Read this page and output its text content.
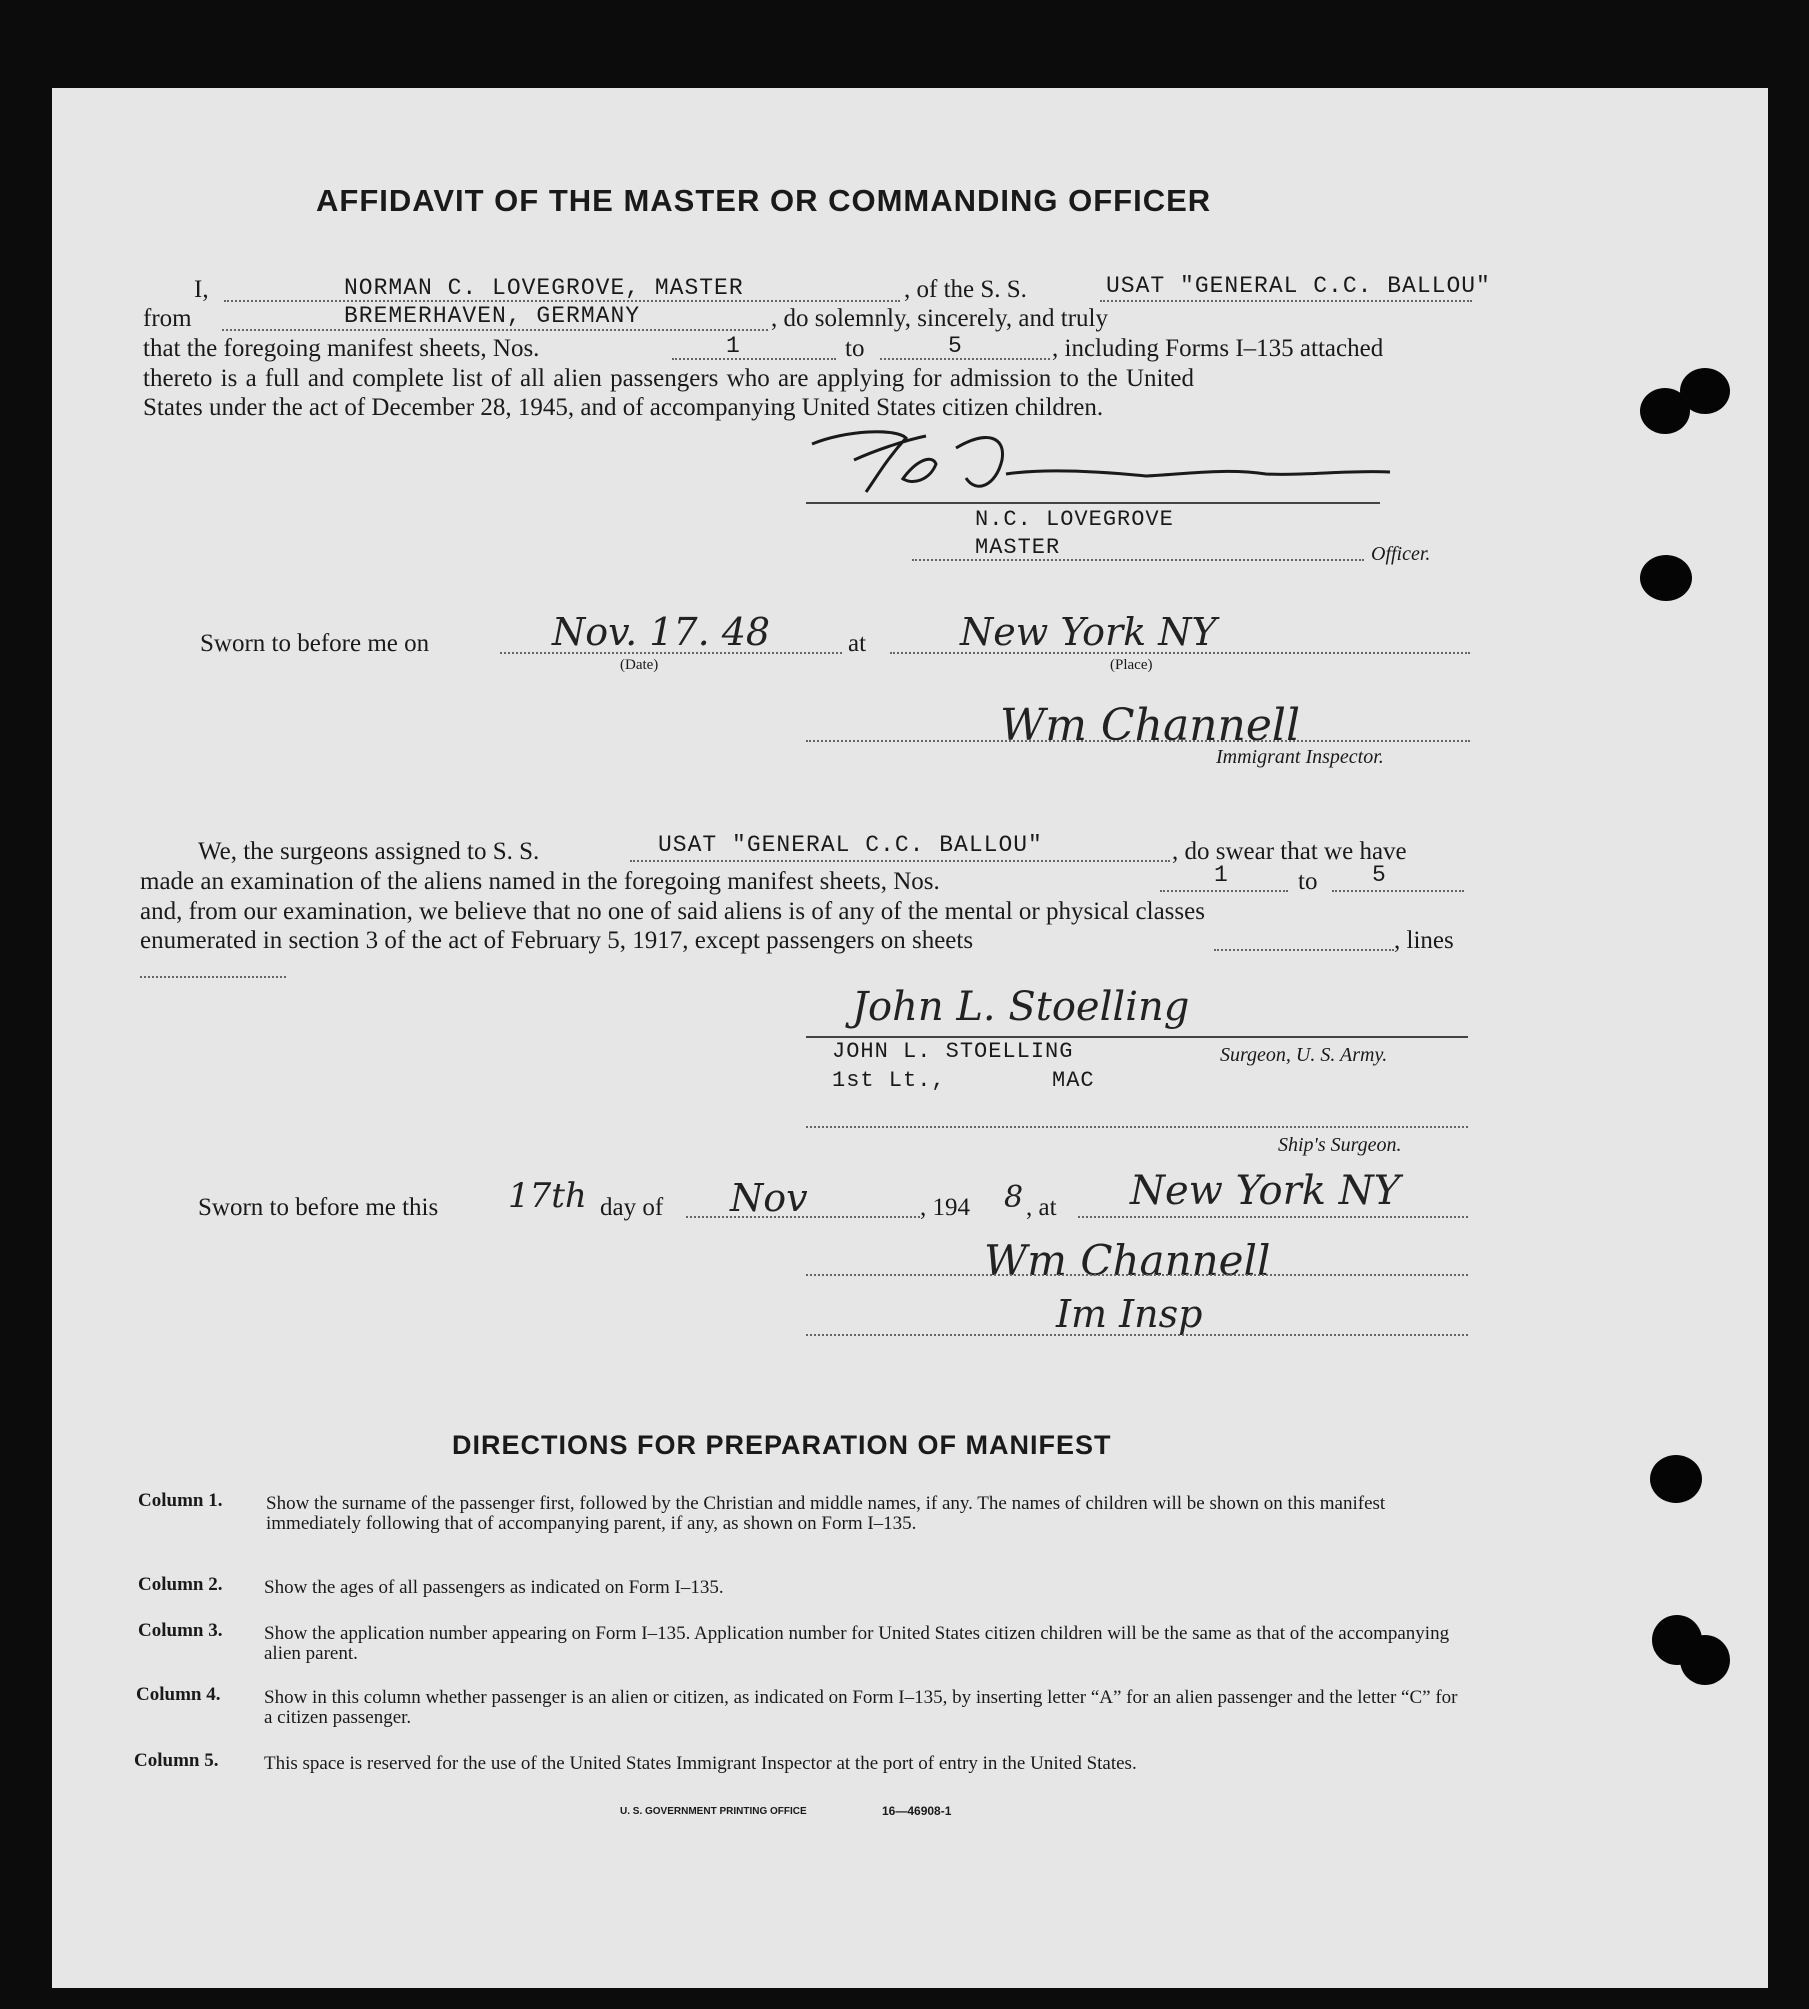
AFFIDAVIT OF THE MASTER OR COMMANDING OFFICER
I,	NORMAN C. LOVEGROVE, MASTER	, of the S. S.	USAT "GENERAL C.C. BALLOU"
from	BREMERHAVEN, GERMANY	, do solemnly, sincerely, and truly
that the foregoing manifest sheets, Nos.	1	to	5	, including Forms I–135 attached
thereto is a full and complete list of all alien passengers who are applying for admission to the United
States under the act of December 28, 1945, and of accompanying United States citizen children.
N.C. LOVEGROVE
MASTER	Officer.
Sworn to before me on	Nov. 17. 48
(Date)
at New York NY
(Place)
Wm Channell
Immigrant Inspector.
We, the surgeons assigned to S. S.	USAT "GENERAL C.C. BALLOU"	, do swear that we have
made an examination of the aliens named in the foregoing manifest sheets, Nos.	1	to 5
and, from our examination, we believe that no one of said aliens is of any of the mental or physical classes
enumerated in section 3 of the act of February 5, 1917, except passengers on sheets	, lines
John L. Stoelling
JOHN L. STOELLING	Surgeon, U. S. Army.
1st Lt.,	MAC
Ship's Surgeon.
Sworn to before me this 17th day of Nov	, 194 8 , at New York NY
Wm Channell
Im Insp
DIRECTIONS FOR PREPARATION OF MANIFEST
Column 1. Show the surname of the passenger first, followed by the Christian and middle names, if any. The names of children will be shown on this manifest immediately following that of accompanying parent, if any, as shown on Form I–135.
Column 2. Show the ages of all passengers as indicated on Form I–135.
Column 3. Show the application number appearing on Form I–135. Application number for United States citizen children will be the same as that of the accompanying alien parent.
Column 4. Show in this column whether passenger is an alien or citizen, as indicated on Form I–135, by inserting letter “A” for an alien passenger and the letter “C” for a citizen passenger.
Column 5. This space is reserved for the use of the United States Immigrant Inspector at the port of entry in the United States.
U. S. GOVERNMENT PRINTING OFFICE	16—46908-1
